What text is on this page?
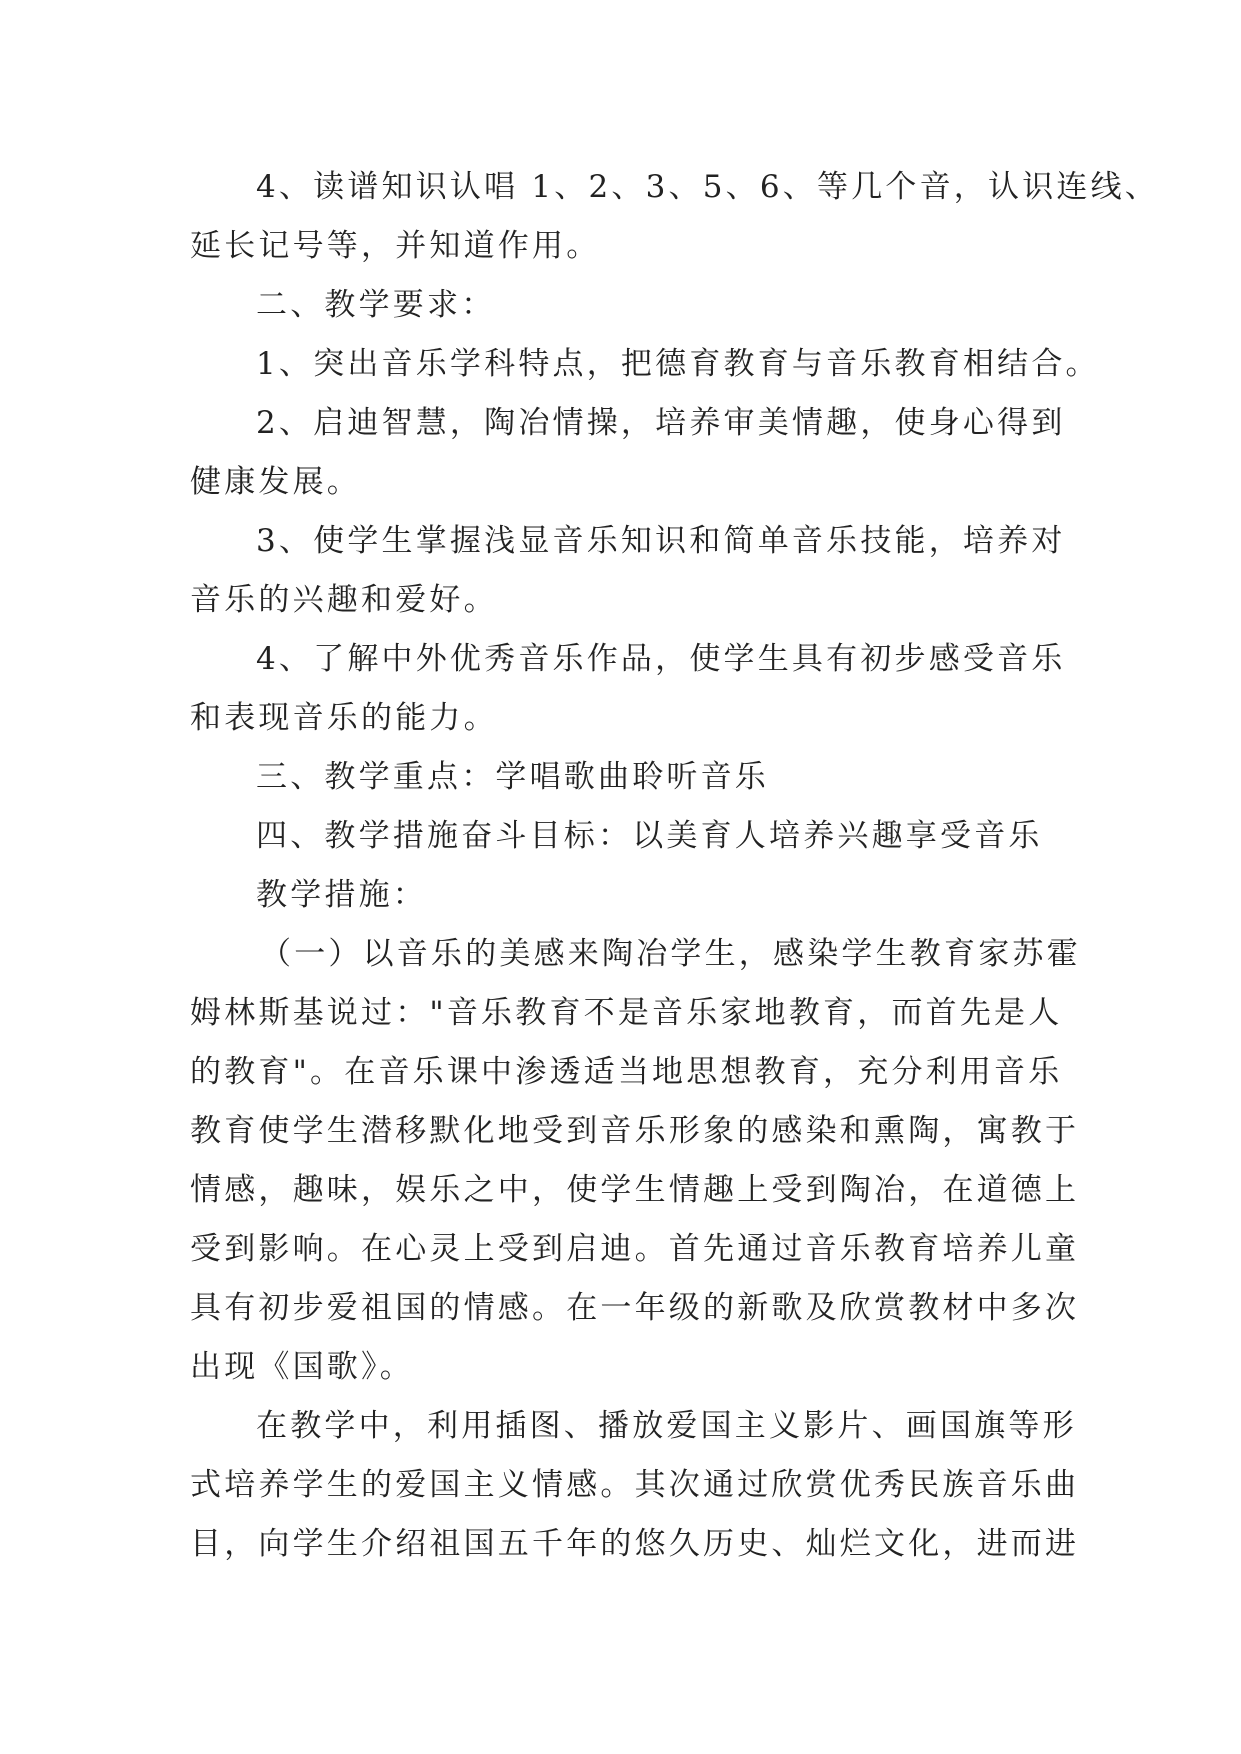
4、读谱知识认唱 1、2、3、5、6、等几个音，认识连线、
延长记号等，并知道作用。
二、教学要求：
1、突出音乐学科特点，把德育教育与音乐教育相结合。
2、启迪智慧，陶冶情操，培养审美情趣，使身心得到
健康发展。
3、使学生掌握浅显音乐知识和简单音乐技能，培养对
音乐的兴趣和爱好。
4、了解中外优秀音乐作品，使学生具有初步感受音乐
和表现音乐的能力。
三、教学重点：学唱歌曲聆听音乐
四、教学措施奋斗目标：以美育人培养兴趣享受音乐
教学措施：
（一）以音乐的美感来陶冶学生，感染学生教育家苏霍
姆林斯基说过："音乐教育不是音乐家地教育，而首先是人
的教育"。在音乐课中渗透适当地思想教育，充分利用音乐
教育使学生潜移默化地受到音乐形象的感染和熏陶，寓教于
情感，趣味，娱乐之中，使学生情趣上受到陶冶，在道德上
受到影响。在心灵上受到启迪。首先通过音乐教育培养儿童
具有初步爱祖国的情感。在一年级的新歌及欣赏教材中多次
出现《国歌》。
在教学中，利用插图、播放爱国主义影片、画国旗等形
式培养学生的爱国主义情感。其次通过欣赏优秀民族音乐曲
目，向学生介绍祖国五千年的悠久历史、灿烂文化，进而进
